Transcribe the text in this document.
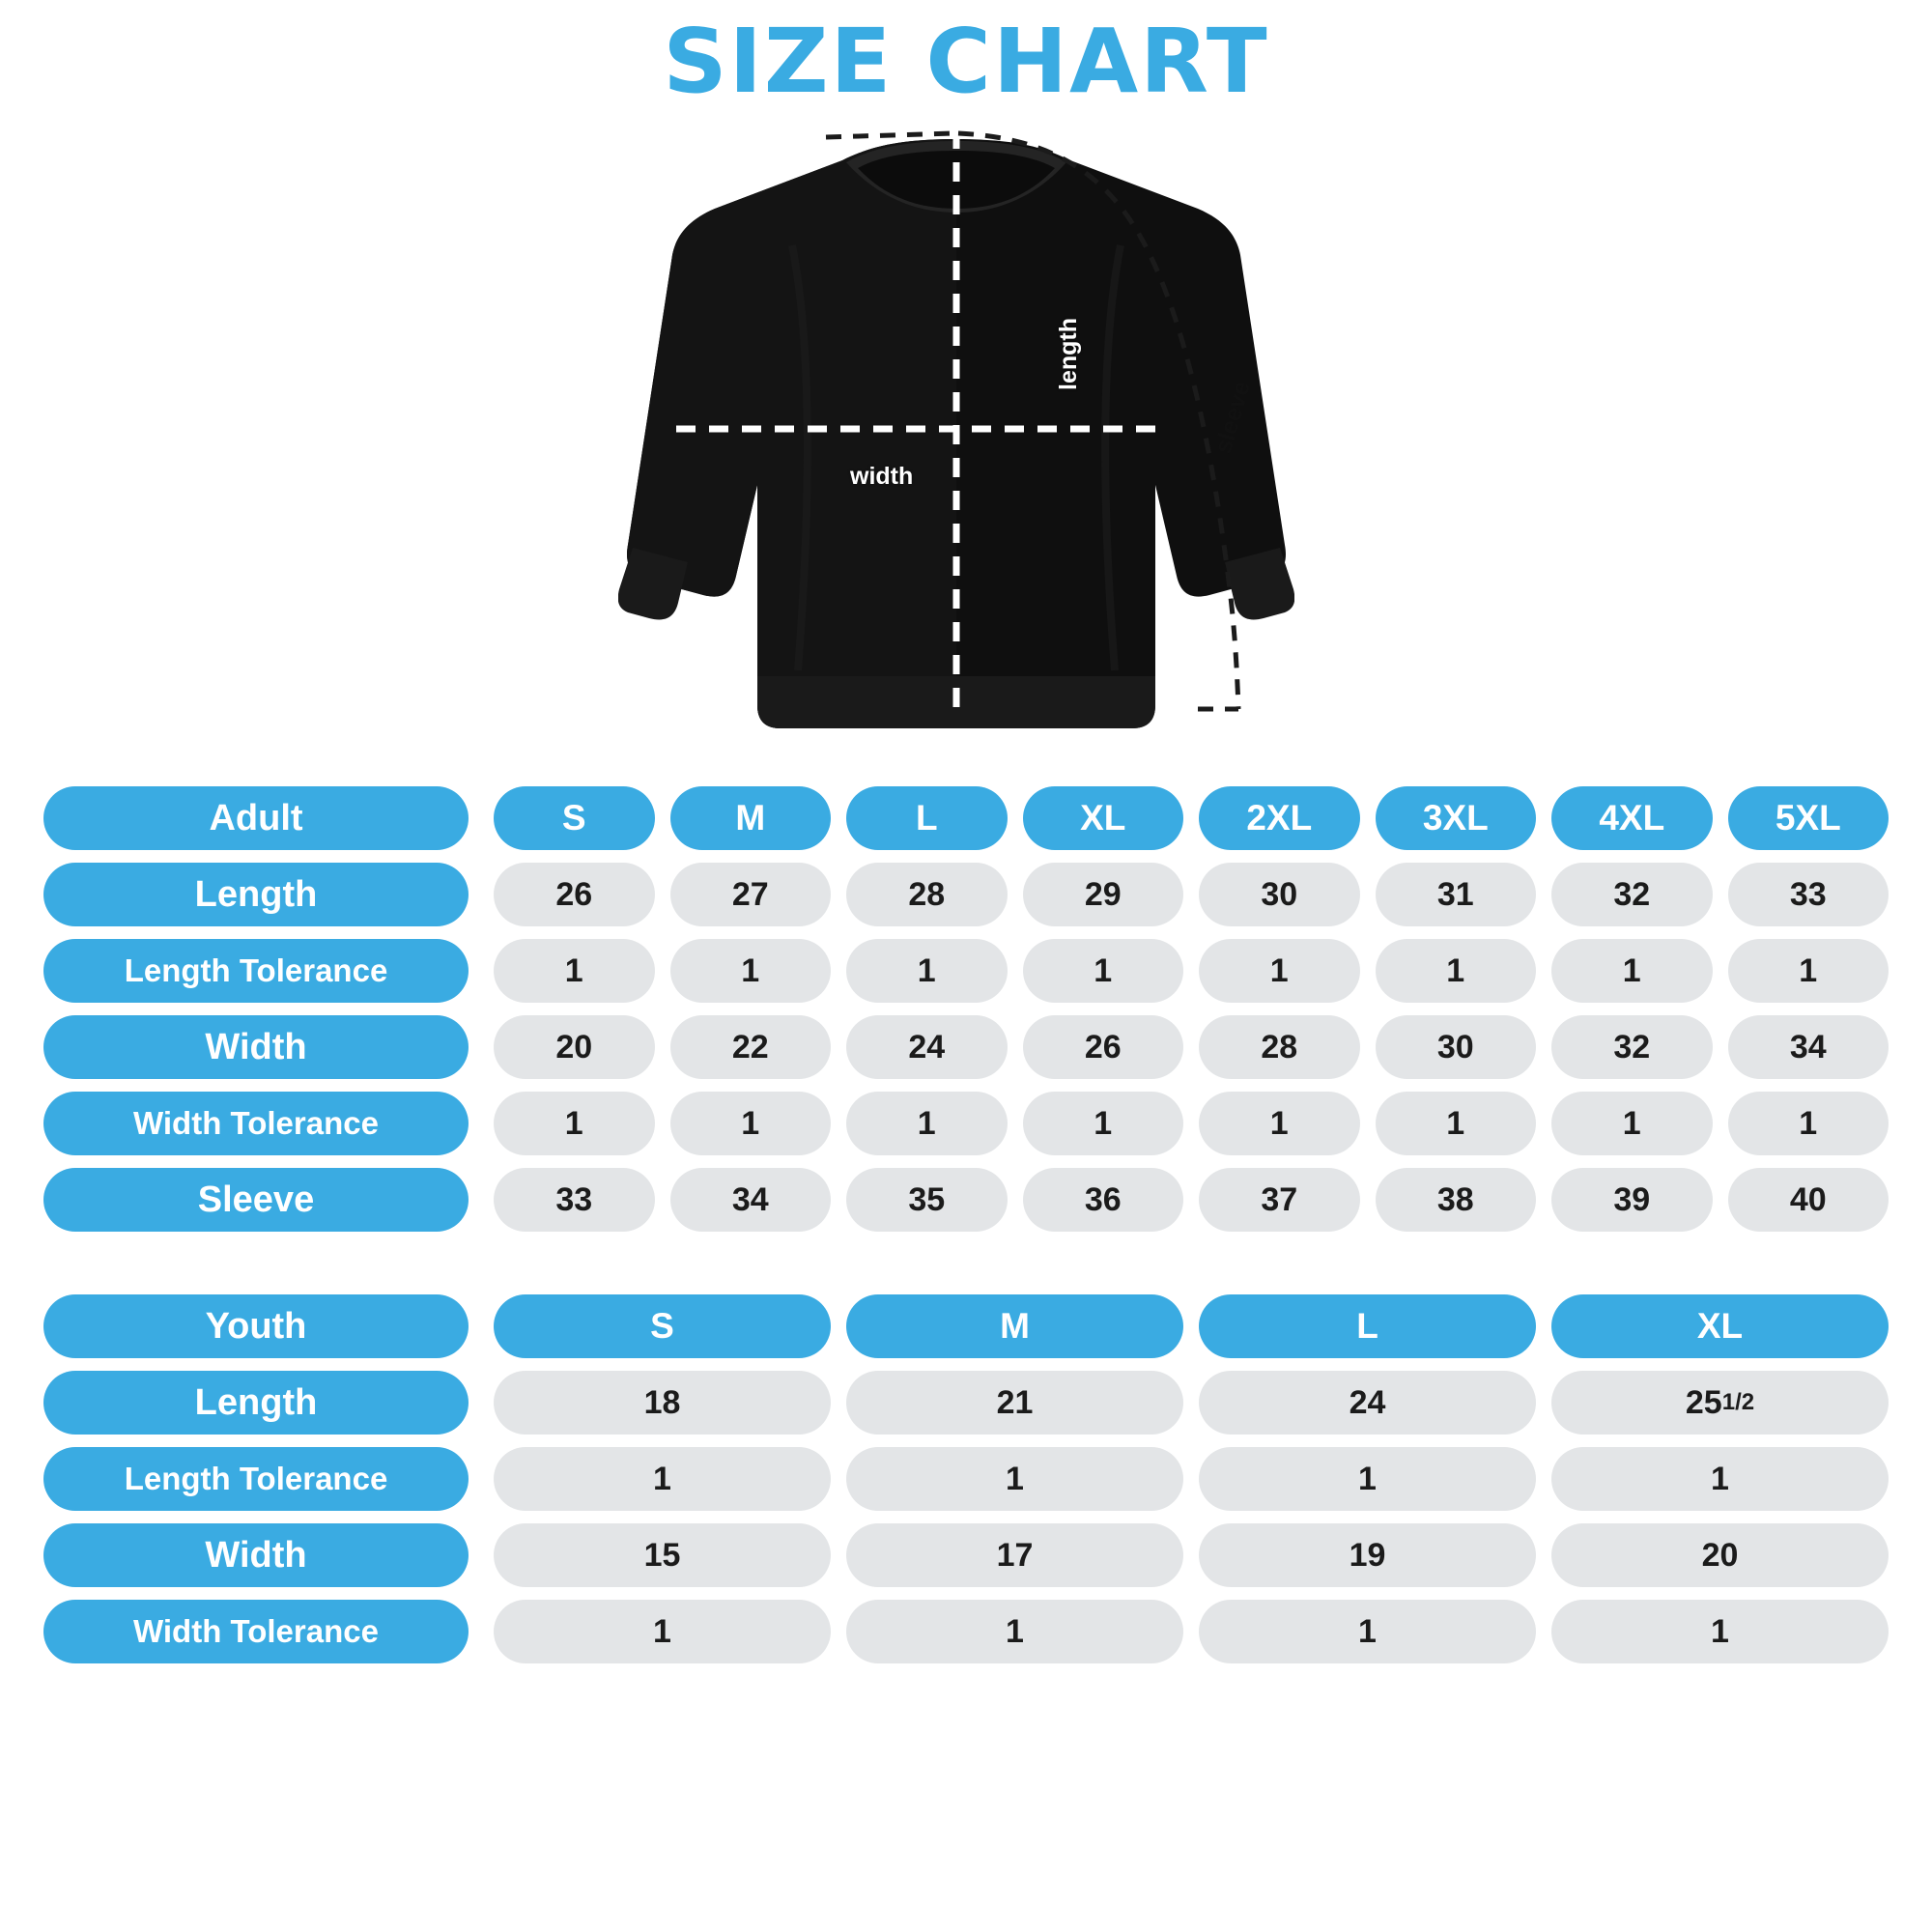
SIZE CHART
width
length
sleeve
Adult	S	M	L	XL	2XL	3XL	4XL	5XL
Length	26	27	28	29	30	31	32	33
Length Tolerance	1	1	1	1	1	1	1	1
Width	20	22	24	26	28	30	32	34
Width Tolerance	1	1	1	1	1	1	1	1
Sleeve	33	34	35	36	37	38	39	40
Youth	S	M	L	XL
Length	18	21	24	25 1/2
Length Tolerance	1	1	1	1
Width	15	17	19	20
Width Tolerance	1	1	1	1
